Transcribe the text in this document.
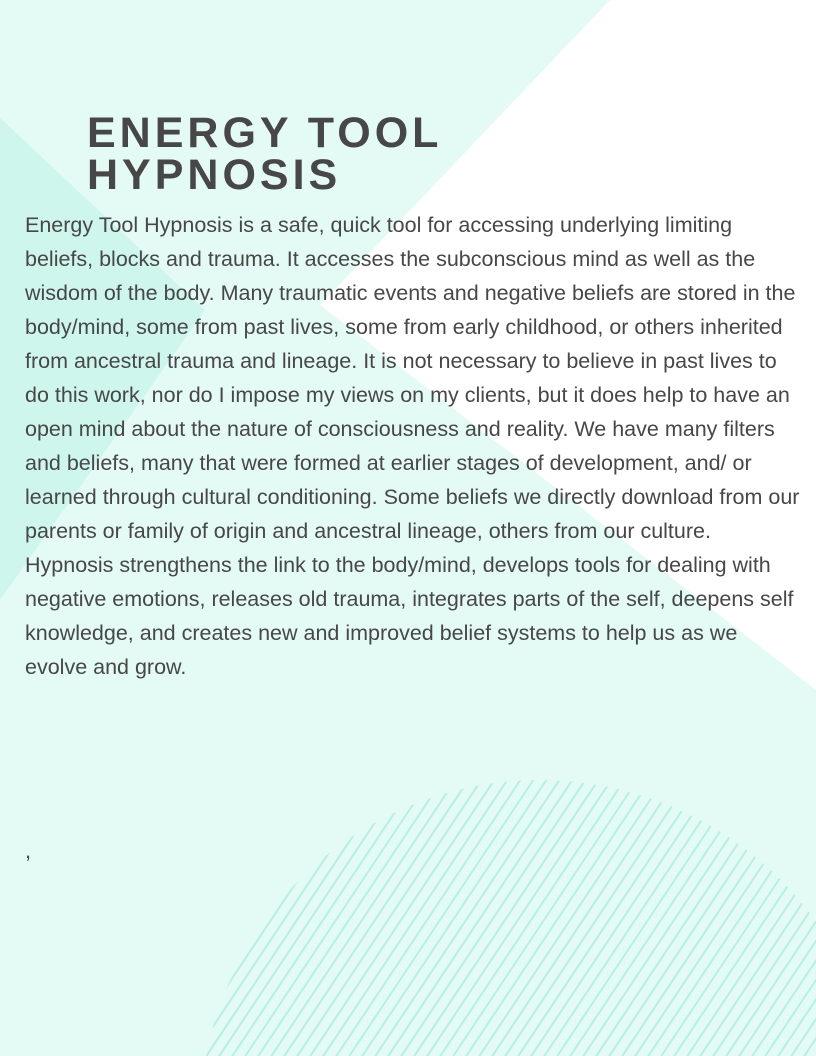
ENERGY TOOL
HYPNOSIS

Energy Tool Hypnosis is a safe, quick tool for accessing underlying limiting beliefs, blocks and trauma. It accesses the subconscious mind as well as the wisdom of the body. Many traumatic events and negative beliefs are stored in the body/mind, some from past lives, some from early childhood, or others inherited from ancestral trauma and lineage. It is not necessary to believe in past lives to do this work, nor do I impose my views on my clients, but it does help to have an open mind about the nature of consciousness and reality. We have many filters and beliefs, many that were formed at earlier stages of development, and/ or learned through cultural conditioning. Some beliefs we directly download from our parents or family of origin and ancestral lineage, others from our culture. Hypnosis strengthens the link to the body/mind, develops tools for dealing with negative emotions, releases old trauma, integrates parts of the self, deepens self knowledge, and creates new and improved belief systems to help us as we evolve and grow.

,
